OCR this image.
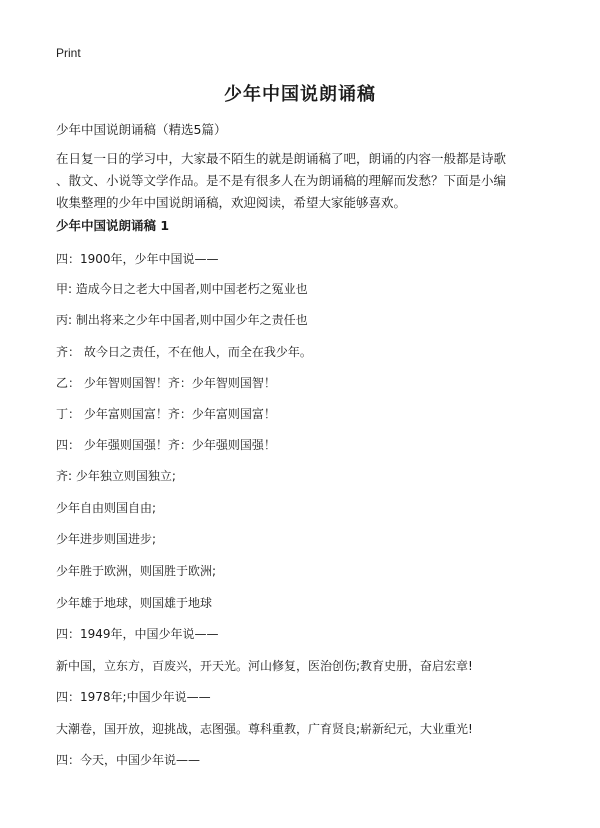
Print
少年中国说朗诵稿
少年中国说朗诵稿（精选5篇）
在日复一日的学习中，大家最不陌生的就是朗诵稿了吧，朗诵的内容一般都是诗歌
、散文、小说等文学作品。是不是有很多人在为朗诵稿的理解而发愁？下面是小编
收集整理的少年中国说朗诵稿，欢迎阅读，希望大家能够喜欢。
少年中国说朗诵稿 1
四：1900年，少年中国说——
甲: 造成今日之老大中国者,则中国老朽之冤业也
丙: 制出将来之少年中国者,则中国少年之责任也
齐： 故今日之责任，不在他人，而全在我少年。
乙： 少年智则国智！齐：少年智则国智！
丁： 少年富则国富！齐：少年富则国富！
四： 少年强则国强！齐：少年强则国强！
齐: 少年独立则国独立;
少年自由则国自由;
少年进步则国进步;
少年胜于欧洲，则国胜于欧洲;
少年雄于地球，则国雄于地球
四：1949年，中国少年说——
新中国，立东方，百废兴，开天光。河山修复，医治创伤;教育史册，奋启宏章!
四：1978年;中国少年说——
大潮卷，国开放，迎挑战，志图强。尊科重教，广育贤良;崭新纪元，大业重光!
四：今天，中国少年说——
